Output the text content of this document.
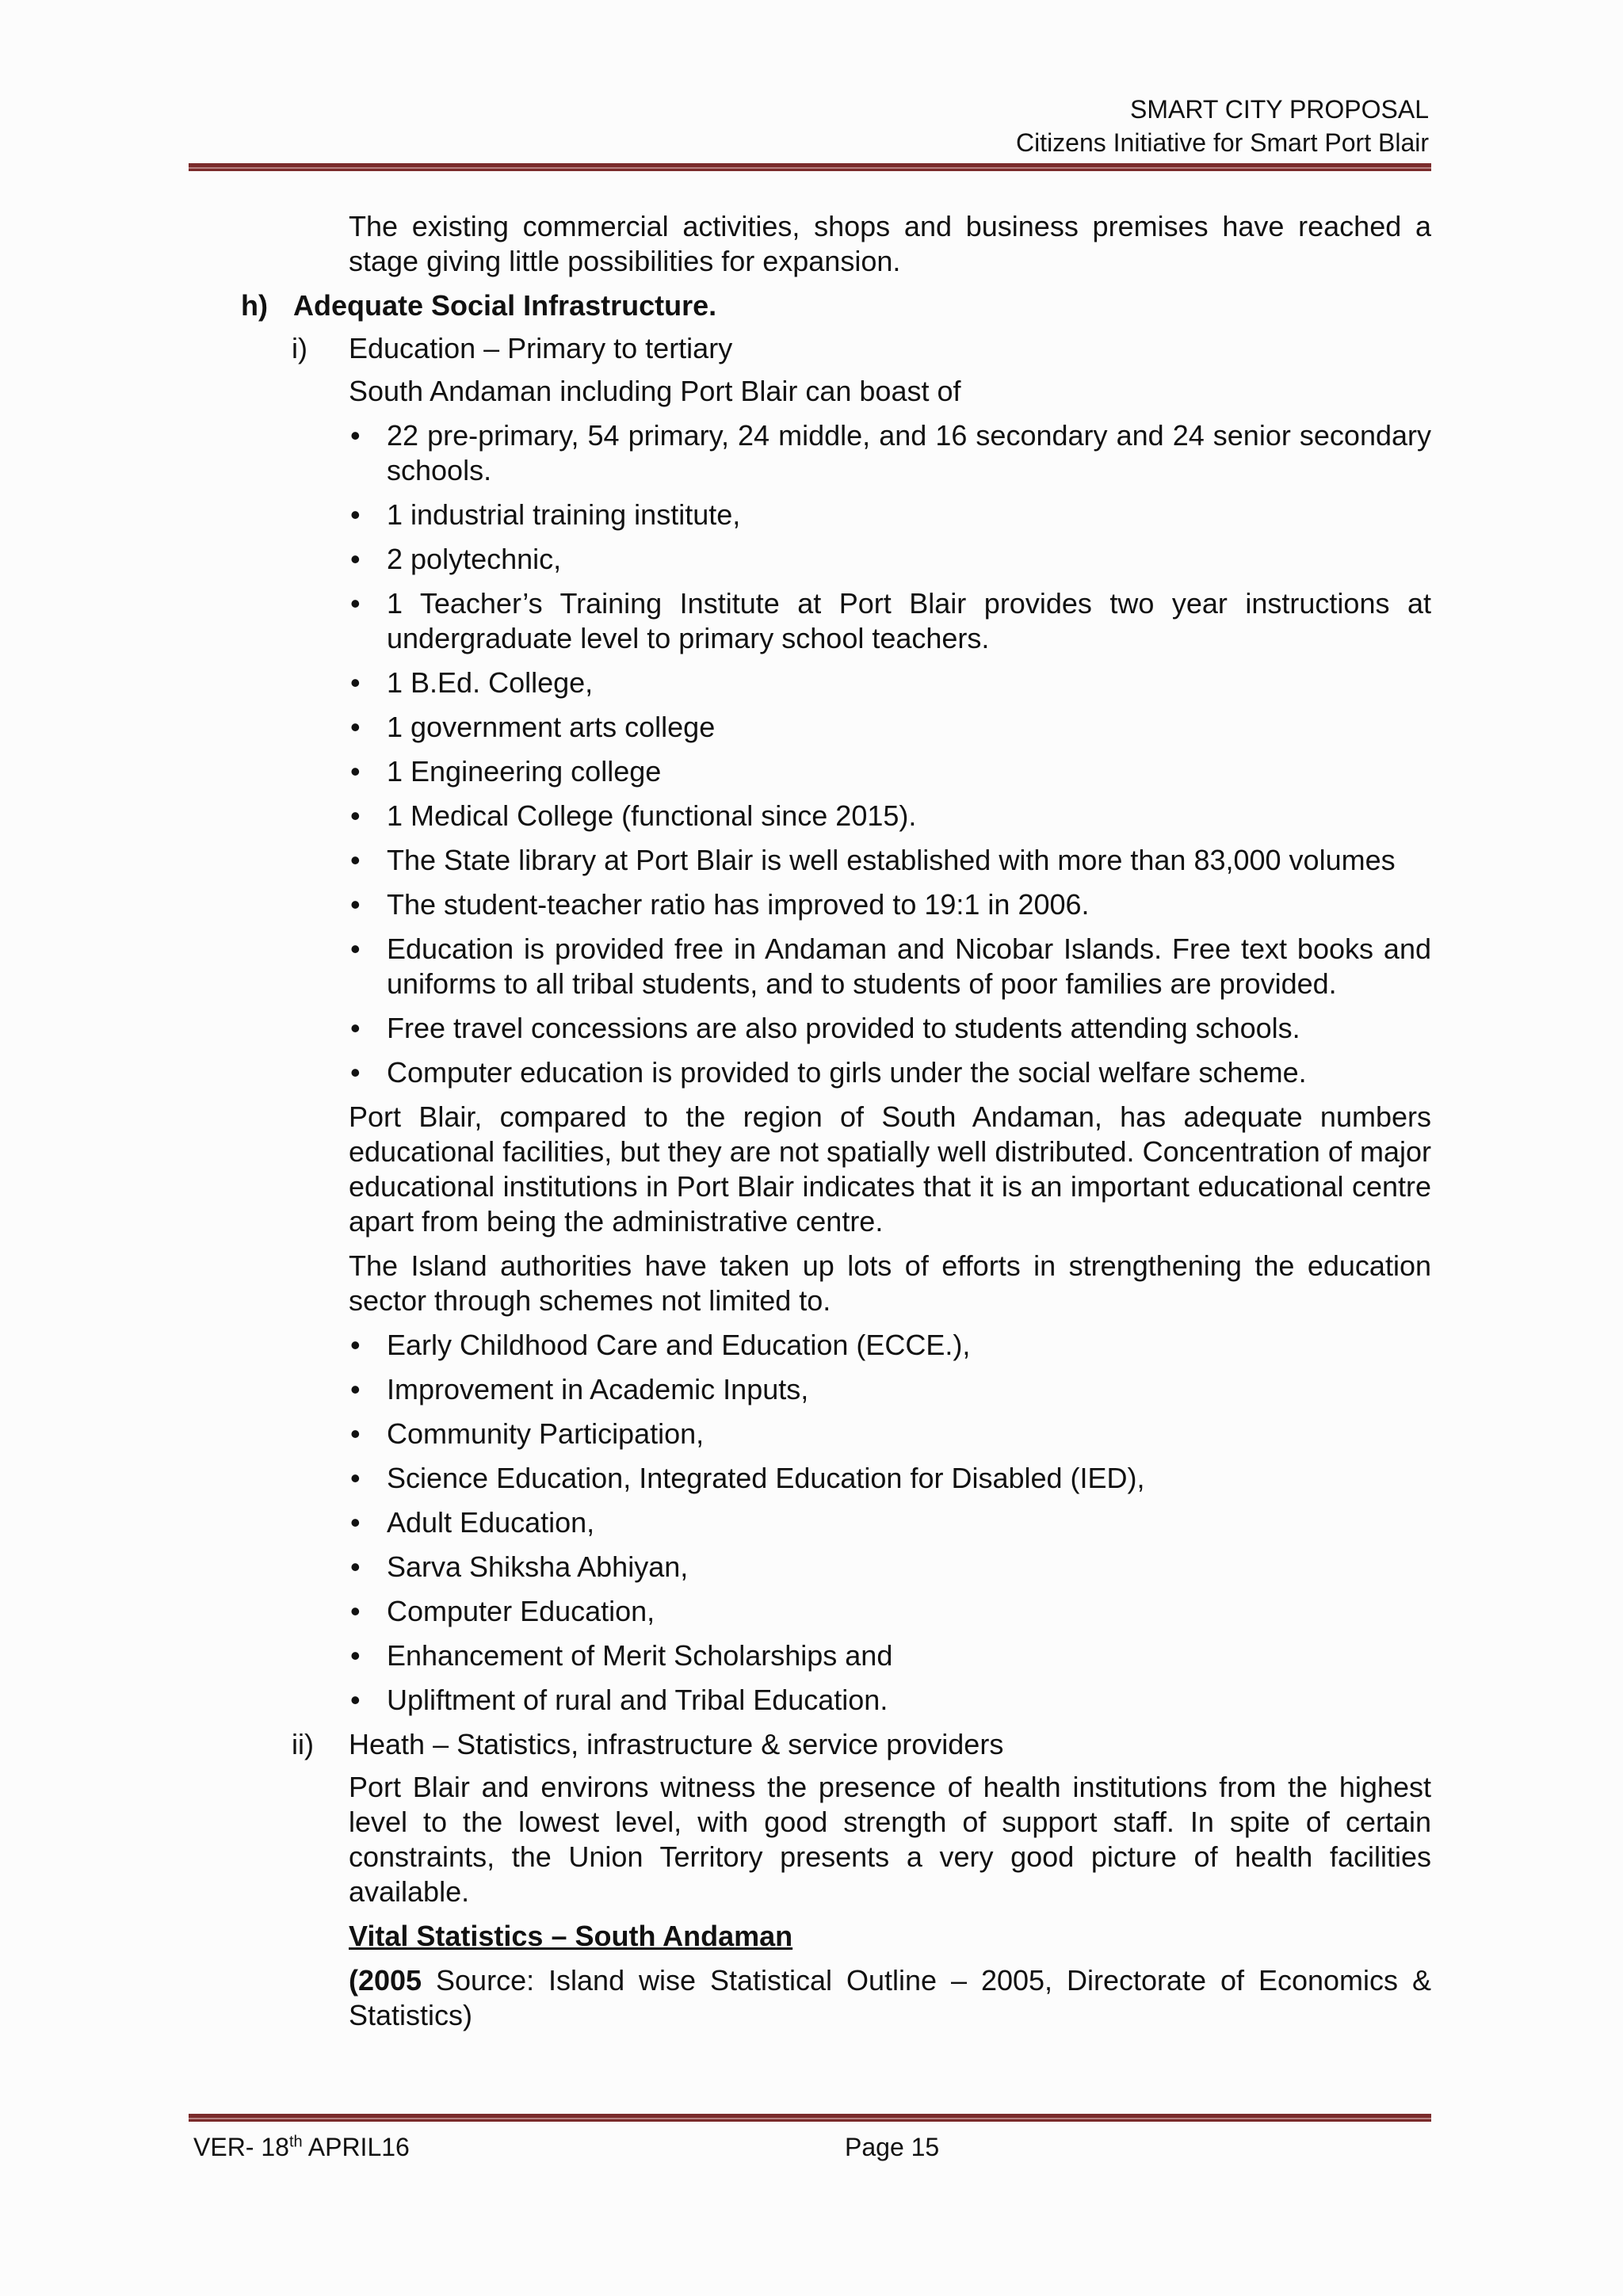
SMART CITY PROPOSAL
Citizens Initiative for Smart Port Blair
The existing commercial activities, shops and business premises have reached a stage giving little possibilities for expansion.
h) Adequate Social Infrastructure.
i)	Education – Primary to tertiary
South Andaman including Port Blair can boast of
• 22 pre-primary, 54 primary, 24 middle, and 16 secondary and 24 senior secondary schools.
• 1 industrial training institute,
• 2 polytechnic,
• 1 Teacher’s Training Institute at Port Blair provides two year instructions at undergraduate level to primary school teachers.
• 1 B.Ed. College,
• 1 government arts college
• 1 Engineering college
• 1 Medical College (functional since 2015).
• The State library at Port Blair is well established with more than 83,000 volumes
• The student-teacher ratio has improved to 19:1 in 2006.
• Education is provided free in Andaman and Nicobar Islands. Free text books and uniforms to all tribal students, and to students of poor families are provided.
• Free travel concessions are also provided to students attending schools.
• Computer education is provided to girls under the social welfare scheme.
Port Blair, compared to the region of South Andaman, has adequate numbers educational facilities, but they are not spatially well distributed. Concentration of major educational institutions in Port Blair indicates that it is an important educational centre apart from being the administrative centre.
The Island authorities have taken up lots of efforts in strengthening the education sector through schemes not limited to.
• Early Childhood Care and Education (ECCE.),
• Improvement in Academic Inputs,
• Community Participation,
• Science Education, Integrated Education for Disabled (IED),
• Adult Education,
• Sarva Shiksha Abhiyan,
• Computer Education,
• Enhancement of Merit Scholarships and
• Upliftment of rural and Tribal Education.
ii)	Heath – Statistics, infrastructure & service providers
Port Blair and environs witness the presence of health institutions from the highest level to the lowest level, with good strength of support staff. In spite of certain constraints, the Union Territory presents a very good picture of health facilities available.
Vital Statistics – South Andaman
(2005 Source: Island wise Statistical Outline – 2005, Directorate of Economics & Statistics)
VER- 18th APRIL16	Page 15
